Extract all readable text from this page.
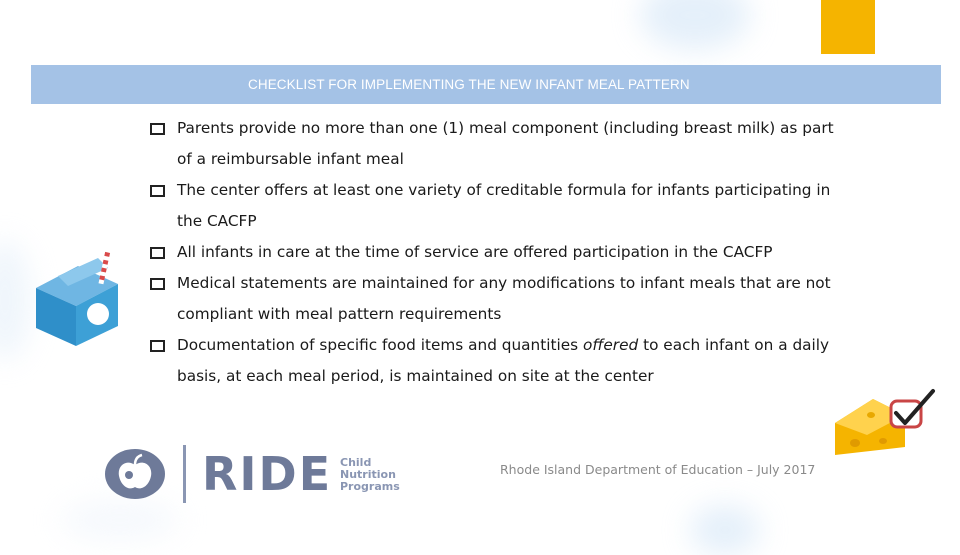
CHECKLIST FOR IMPLEMENTING THE NEW INFANT MEAL PATTERN
Parents provide no more than one (1) meal component (including breast milk) as part of a reimbursable infant meal
The center offers at least one variety of creditable formula for infants participating in the CACFP
All infants in care at the time of service are offered participation in the CACFP
Medical statements are maintained for any modifications to infant meals that are not compliant with meal pattern requirements
Documentation of specific food items and quantities offered to each infant on a daily basis, at each meal period, is maintained on site at the center
RIDE Child
Nutrition
Programs
Rhode Island Department of Education – July 2017
